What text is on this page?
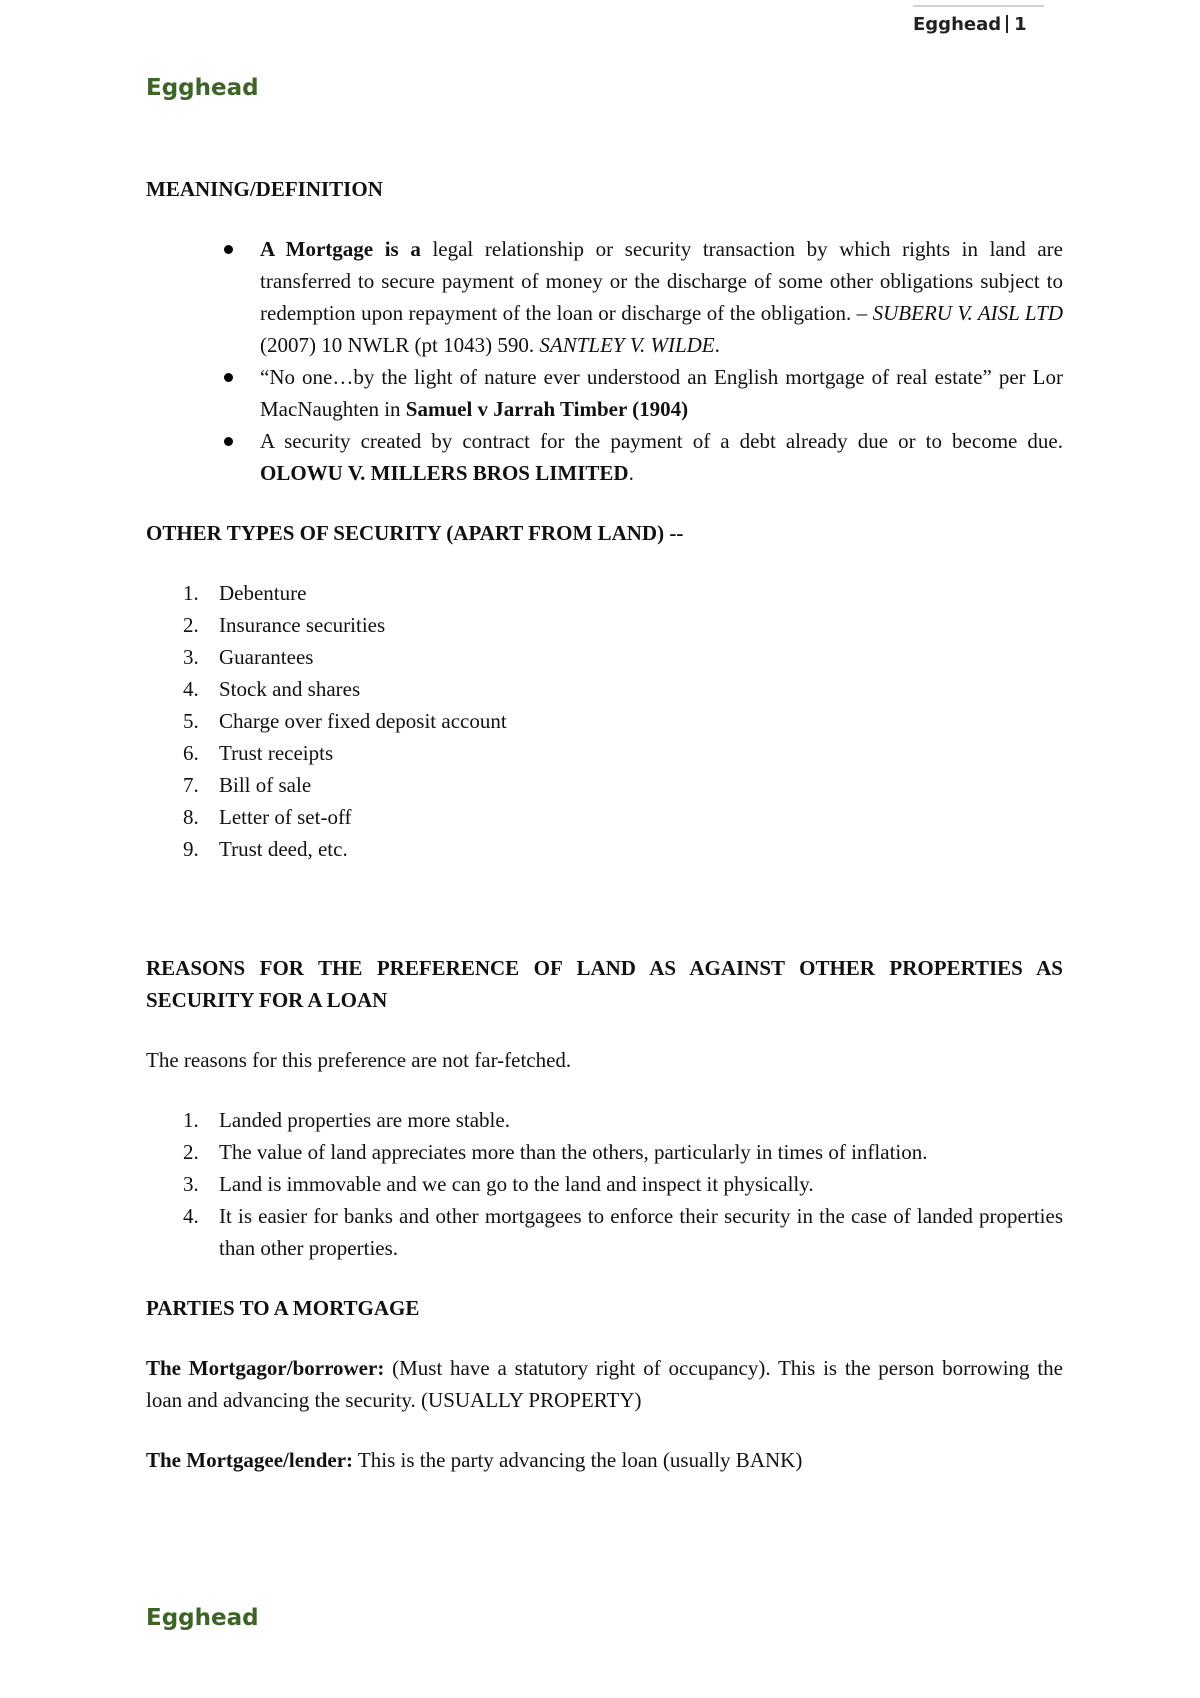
Egghead 1
Egghead

MEANING/DEFINITION

A Mortgage is a legal relationship or security transaction by which rights in land are transferred to secure payment of money or the discharge of some other obligations subject to redemption upon repayment of the loan or discharge of the obligation. – SUBERU V. AISL LTD (2007) 10 NWLR (pt 1043) 590. SANTLEY V. WILDE.
“No one…by the light of nature ever understood an English mortgage of real estate” per Lor MacNaughten in Samuel v Jarrah Timber (1904)
A security created by contract for the payment of a debt already due or to become due. OLOWU V. MILLERS BROS LIMITED.

OTHER TYPES OF SECURITY (APART FROM LAND) --

1. Debenture
2. Insurance securities
3. Guarantees
4. Stock and shares
5. Charge over fixed deposit account
6. Trust receipts
7. Bill of sale
8. Letter of set-off
9. Trust deed, etc.

REASONS FOR THE PREFERENCE OF LAND AS AGAINST OTHER PROPERTIES AS SECURITY FOR A LOAN

The reasons for this preference are not far-fetched.

1. Landed properties are more stable.
2. The value of land appreciates more than the others, particularly in times of inflation.
3. Land is immovable and we can go to the land and inspect it physically.
4. It is easier for banks and other mortgagees to enforce their security in the case of landed properties than other properties.

PARTIES TO A MORTGAGE

The Mortgagor/borrower: (Must have a statutory right of occupancy). This is the person borrowing the loan and advancing the security. (USUALLY PROPERTY)

The Mortgagee/lender: This is the party advancing the loan (usually BANK)

Egghead
